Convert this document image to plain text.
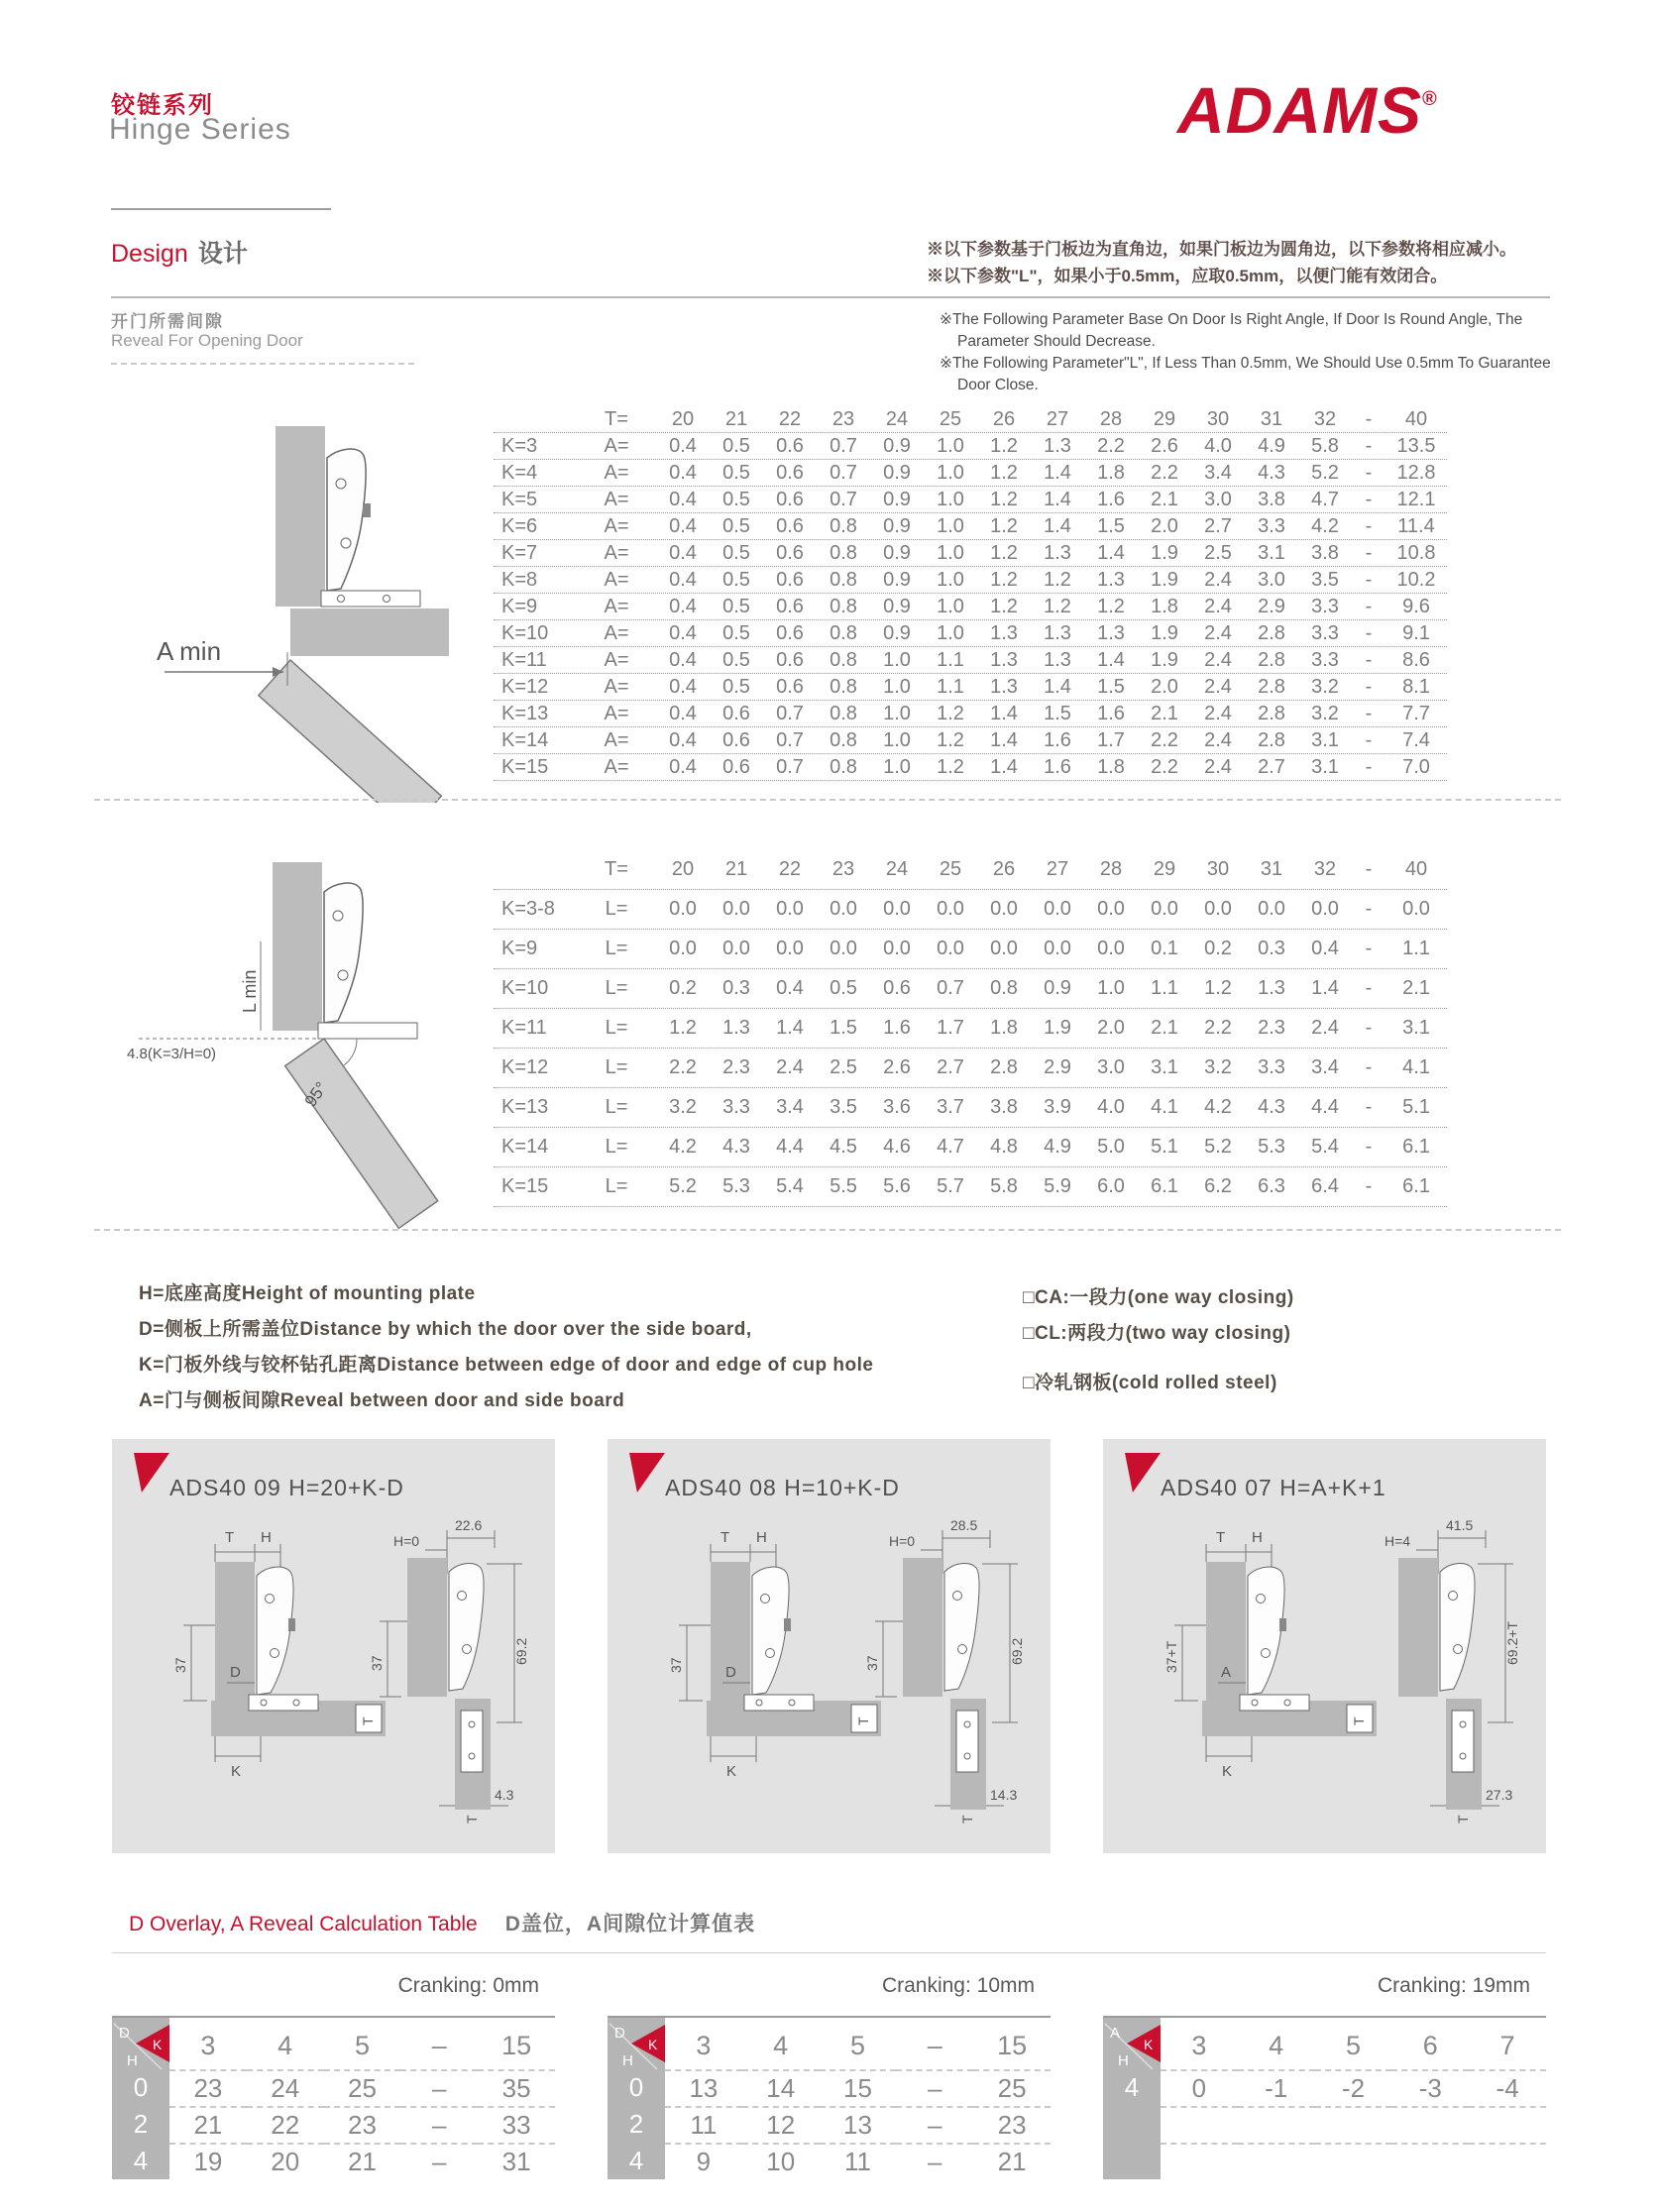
铰链系列
Hinge Series
Design 设计
ADAMS®
※以下参数基于门板边为直角边，如果门板边为圆角边，以下参数将相应减小。
※以下参数"L"，如果小于0.5mm，应取0.5mm，以便门能有效闭合。
※The Following Parameter Base On Door Is Right Angle, If Door Is Round Angle, The Parameter Should Decrease.
※The Following Parameter"L", If Less Than 0.5mm, We Should Use 0.5mm To Guarantee Door Close.
开门所需间隙
Reveal For Opening Door
A min
T=	20	21	22	23	24	25	26	27	28	29	30	31	32	-	40
K=3	A=	0.4	0.5	0.6	0.7	0.9	1.0	1.2	1.3	2.2	2.6	4.0	4.9	5.8	-	13.5
K=4	A=	0.4	0.5	0.6	0.7	0.9	1.0	1.2	1.4	1.8	2.2	3.4	4.3	5.2	-	12.8
K=5	A=	0.4	0.5	0.6	0.7	0.9	1.0	1.2	1.4	1.6	2.1	3.0	3.8	4.7	-	12.1
K=6	A=	0.4	0.5	0.6	0.8	0.9	1.0	1.2	1.4	1.5	2.0	2.7	3.3	4.2	-	11.4
K=7	A=	0.4	0.5	0.6	0.8	0.9	1.0	1.2	1.3	1.4	1.9	2.5	3.1	3.8	-	10.8
K=8	A=	0.4	0.5	0.6	0.8	0.9	1.0	1.2	1.2	1.3	1.9	2.4	3.0	3.5	-	10.2
K=9	A=	0.4	0.5	0.6	0.8	0.9	1.0	1.2	1.2	1.2	1.8	2.4	2.9	3.3	-	9.6
K=10	A=	0.4	0.5	0.6	0.8	0.9	1.0	1.3	1.3	1.3	1.9	2.4	2.8	3.3	-	9.1
K=11	A=	0.4	0.5	0.6	0.8	1.0	1.1	1.3	1.3	1.4	1.9	2.4	2.8	3.3	-	8.6
K=12	A=	0.4	0.5	0.6	0.8	1.0	1.1	1.3	1.4	1.5	2.0	2.4	2.8	3.2	-	8.1
K=13	A=	0.4	0.6	0.7	0.8	1.0	1.2	1.4	1.5	1.6	2.1	2.4	2.8	3.2	-	7.7
K=14	A=	0.4	0.6	0.7	0.8	1.0	1.2	1.4	1.6	1.7	2.2	2.4	2.8	3.1	-	7.4
K=15	A=	0.4	0.6	0.7	0.8	1.0	1.2	1.4	1.6	1.8	2.2	2.4	2.7	3.1	-	7.0
L min
4.8(K=3/H=0)
95°
T=	20	21	22	23	24	25	26	27	28	29	30	31	32	-	40
K=3-8	L=	0.0	0.0	0.0	0.0	0.0	0.0	0.0	0.0	0.0	0.0	0.0	0.0	0.0	-	0.0
K=9	L=	0.0	0.0	0.0	0.0	0.0	0.0	0.0	0.0	0.0	0.1	0.2	0.3	0.4	-	1.1
K=10	L=	0.2	0.3	0.4	0.5	0.6	0.7	0.8	0.9	1.0	1.1	1.2	1.3	1.4	-	2.1
K=11	L=	1.2	1.3	1.4	1.5	1.6	1.7	1.8	1.9	2.0	2.1	2.2	2.3	2.4	-	3.1
K=12	L=	2.2	2.3	2.4	2.5	2.6	2.7	2.8	2.9	3.0	3.1	3.2	3.3	3.4	-	4.1
K=13	L=	3.2	3.3	3.4	3.5	3.6	3.7	3.8	3.9	4.0	4.1	4.2	4.3	4.4	-	5.1
K=14	L=	4.2	4.3	4.4	4.5	4.6	4.7	4.8	4.9	5.0	5.1	5.2	5.3	5.4	-	6.1
K=15	L=	5.2	5.3	5.4	5.5	5.6	5.7	5.8	5.9	6.0	6.1	6.2	6.3	6.4	-	6.1
H=底座高度Height of mounting plate
D=侧板上所需盖位Distance by which the door over the side board,
K=门板外线与铰杯钻孔距离Distance between edge of door and edge of cup hole
A=门与侧板间隙Reveal between door and side board
□CA:一段力(one way closing)
□CL:两段力(two way closing)
□冷轧钢板(cold rolled steel)
ADS40 09 H=20+K-D
T H
T
37	D
K
22.6
H=0
37	69.2
4.3
T
ADS40 08 H=10+K-D
T H
T
37	D
K
28.5
H=0
37	69.2
14.3
T
ADS40 07 H=A+K+1
T H
T
37+T	A
K
41.5
H=4
69.2+T
27.3
T
D Overlay, A Reveal Calculation Table D盖位，A间隙位计算值表
Cranking: 0mm
D
H
K	3	4	5	–	15
0	23	24	25	–	35
2	21	22	23	–	33
4	19	20	21	–	31
Cranking: 10mm
D
H
K	3	4	5	–	15
0	13	14	15	–	25
2	11	12	13	–	23
4	9	10	11	–	21
Cranking: 19mm
A
H
K	3	4	5	6	7
4	0	-1	-2	-3	-4
